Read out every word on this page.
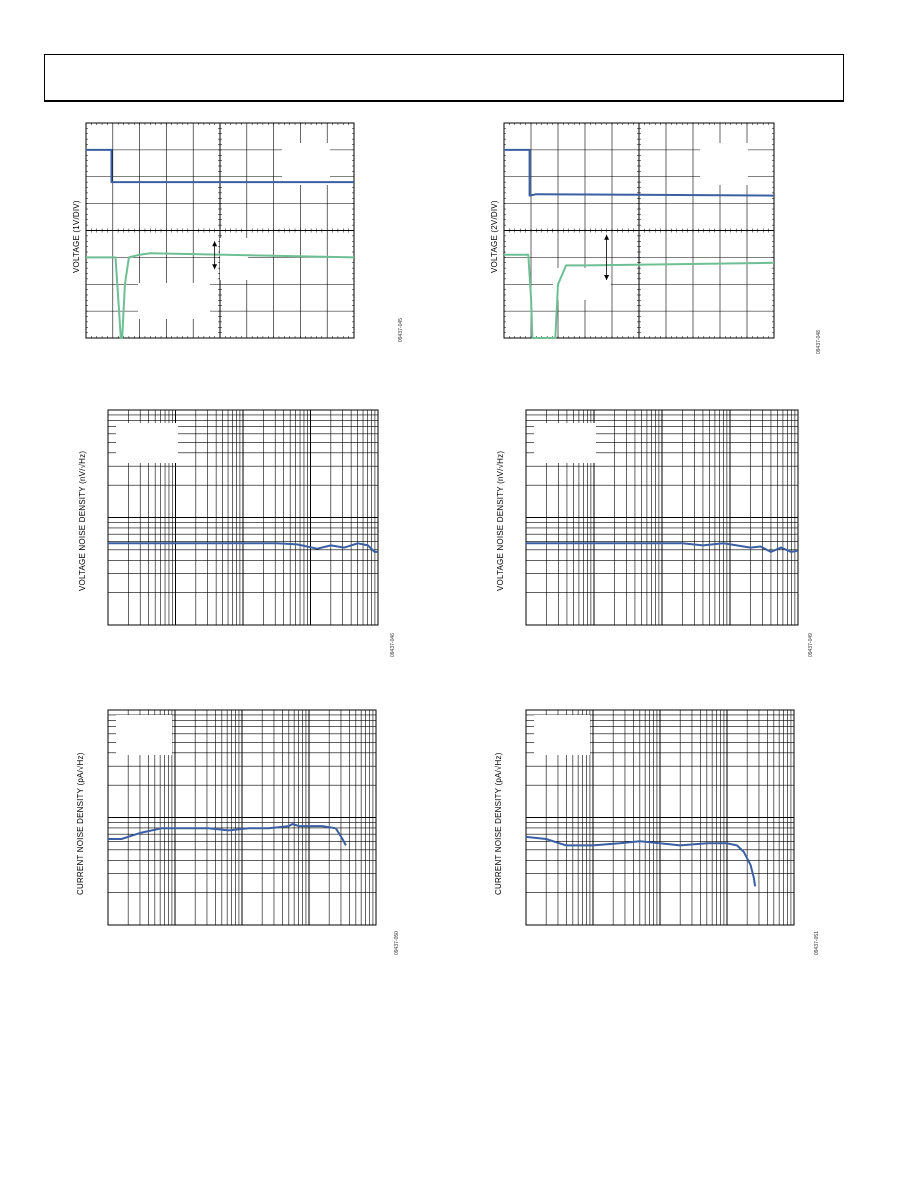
VOLTAGE (1V/DIV)
09437-045
VOLTAGE (2V/DIV)
09437-048
VOLTAGE NOISE DENSITY (nV/√Hz)
09437-046
VOLTAGE NOISE DENSITY (nV/√Hz)
09437-049
CURRENT NOISE DENSITY (pA/√Hz)
09437-050
CURRENT NOISE DENSITY (pA/√Hz)
09437-051
